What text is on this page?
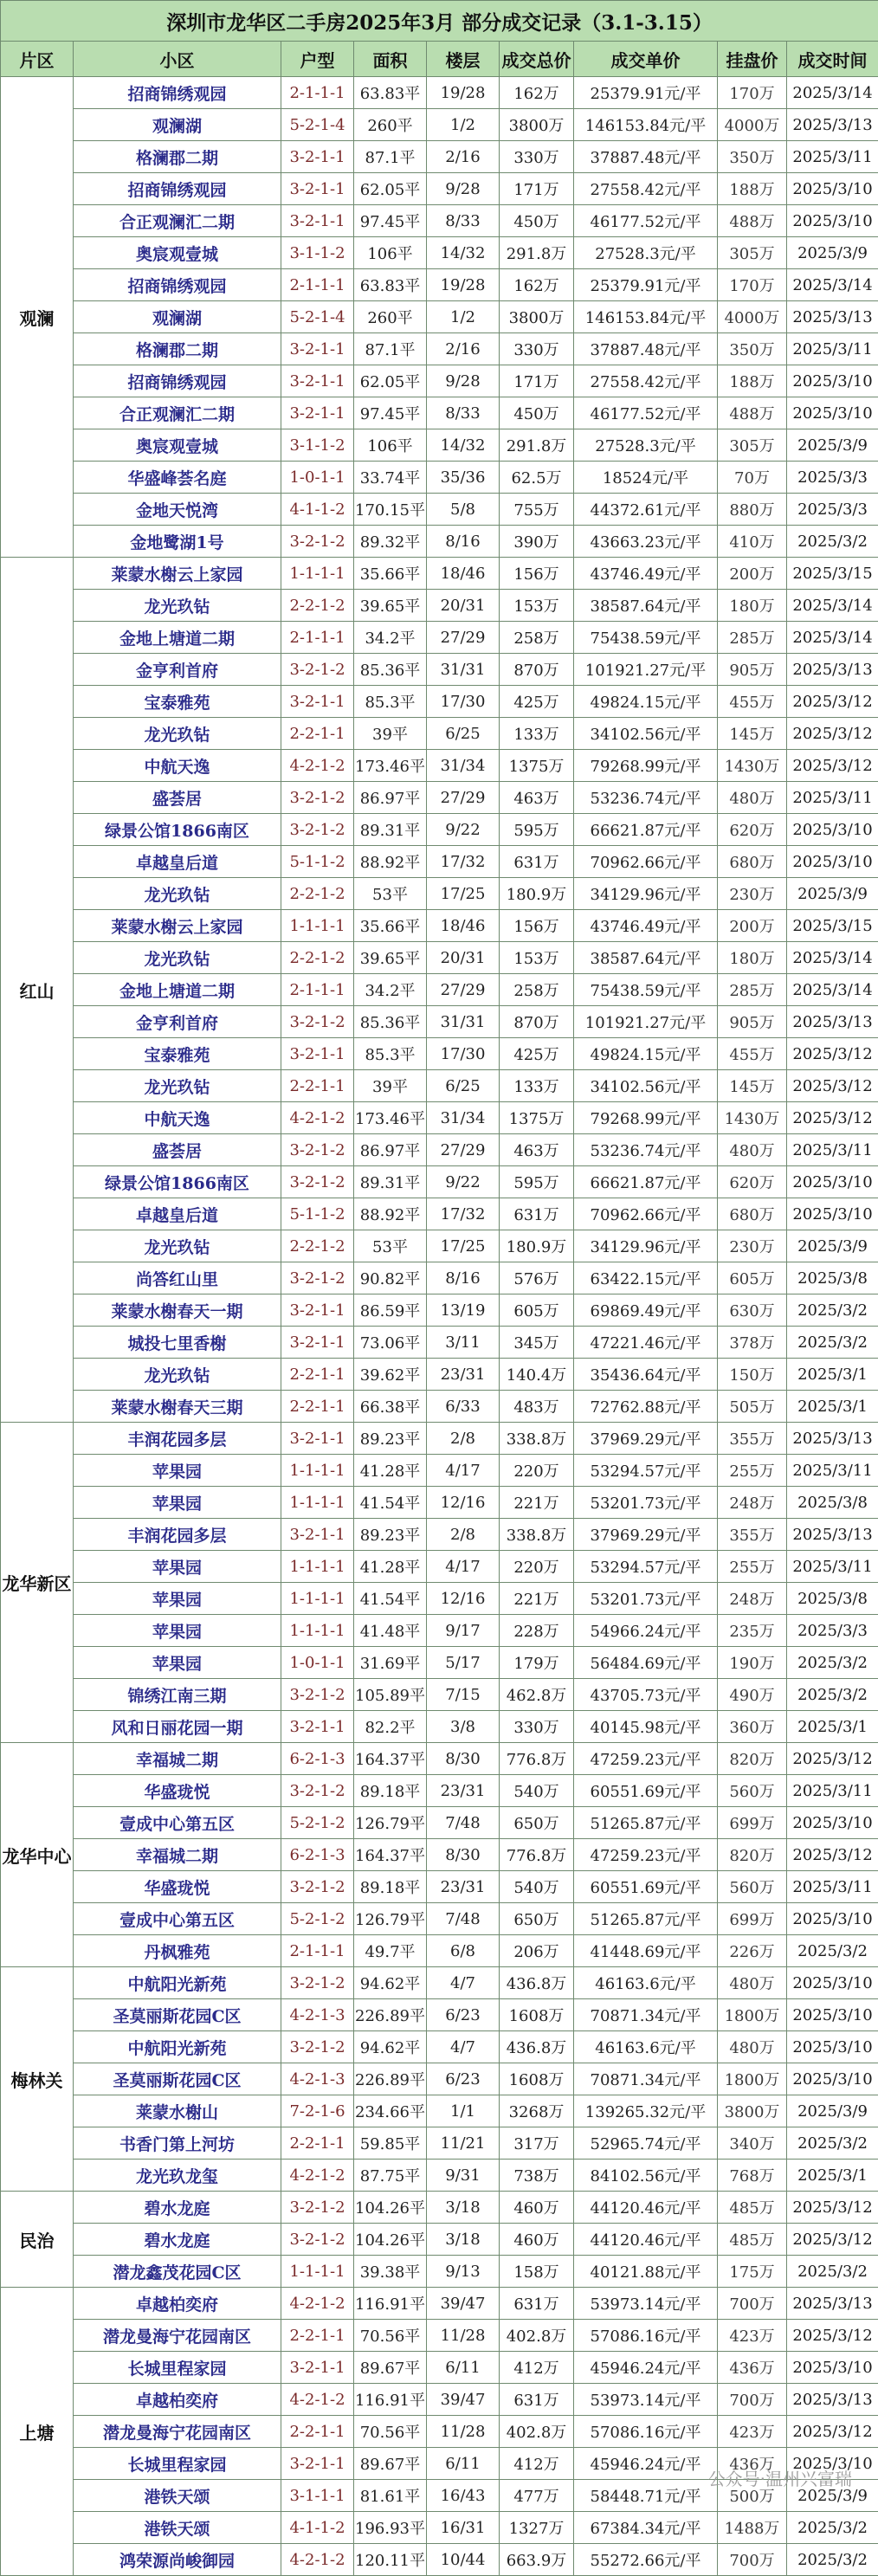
深圳市龙华区二手房2025年3月 部分成交记录（3.1-3.15）								
片区	小区	户型	面积	楼层	成交总价	成交单价	挂盘价	成交时间
观澜	招商锦绣观园	2-1-1-1	63.83平	19/28	162万	25379.91元/平	170万	2025/3/14
	观澜湖	5-2-1-4	260平	1/2	3800万	146153.84元/平	4000万	2025/3/13
	格澜郡二期	3-2-1-1	87.1平	2/16	330万	37887.48元/平	350万	2025/3/11
	招商锦绣观园	3-2-1-1	62.05平	9/28	171万	27558.42元/平	188万	2025/3/10
	合正观澜汇二期	3-2-1-1	97.45平	8/33	450万	46177.52元/平	488万	2025/3/10
	奥宸观壹城	3-1-1-2	106平	14/32	291.8万	27528.3元/平	305万	2025/3/9
	招商锦绣观园	2-1-1-1	63.83平	19/28	162万	25379.91元/平	170万	2025/3/14
	观澜湖	5-2-1-4	260平	1/2	3800万	146153.84元/平	4000万	2025/3/13
	格澜郡二期	3-2-1-1	87.1平	2/16	330万	37887.48元/平	350万	2025/3/11
	招商锦绣观园	3-2-1-1	62.05平	9/28	171万	27558.42元/平	188万	2025/3/10
	合正观澜汇二期	3-2-1-1	97.45平	8/33	450万	46177.52元/平	488万	2025/3/10
	奥宸观壹城	3-1-1-2	106平	14/32	291.8万	27528.3元/平	305万	2025/3/9
	华盛峰荟名庭	1-0-1-1	33.74平	35/36	62.5万	18524元/平	70万	2025/3/3
	金地天悦湾	4-1-1-2	170.15平	5/8	755万	44372.61元/平	880万	2025/3/3
	金地鹭湖1号	3-2-1-2	89.32平	8/16	390万	43663.23元/平	410万	2025/3/2
红山	莱蒙水榭云上家园	1-1-1-1	35.66平	18/46	156万	43746.49元/平	200万	2025/3/15
	龙光玖钻	2-2-1-2	39.65平	20/31	153万	38587.64元/平	180万	2025/3/14
	金地上塘道二期	2-1-1-1	34.2平	27/29	258万	75438.59元/平	285万	2025/3/14
	金亨利首府	3-2-1-2	85.36平	31/31	870万	101921.27元/平	905万	2025/3/13
	宝泰雅苑	3-2-1-1	85.3平	17/30	425万	49824.15元/平	455万	2025/3/12
	龙光玖钻	2-2-1-1	39平	6/25	133万	34102.56元/平	145万	2025/3/12
	中航天逸	4-2-1-2	173.46平	31/34	1375万	79268.99元/平	1430万	2025/3/12
	盛荟居	3-2-1-2	86.97平	27/29	463万	53236.74元/平	480万	2025/3/11
	绿景公馆1866南区	3-2-1-2	89.31平	9/22	595万	66621.87元/平	620万	2025/3/10
	卓越皇后道	5-1-1-2	88.92平	17/32	631万	70962.66元/平	680万	2025/3/10
	龙光玖钻	2-2-1-2	53平	17/25	180.9万	34129.96元/平	230万	2025/3/9
	莱蒙水榭云上家园	1-1-1-1	35.66平	18/46	156万	43746.49元/平	200万	2025/3/15
	龙光玖钻	2-2-1-2	39.65平	20/31	153万	38587.64元/平	180万	2025/3/14
	金地上塘道二期	2-1-1-1	34.2平	27/29	258万	75438.59元/平	285万	2025/3/14
	金亨利首府	3-2-1-2	85.36平	31/31	870万	101921.27元/平	905万	2025/3/13
	宝泰雅苑	3-2-1-1	85.3平	17/30	425万	49824.15元/平	455万	2025/3/12
	龙光玖钻	2-2-1-1	39平	6/25	133万	34102.56元/平	145万	2025/3/12
	中航天逸	4-2-1-2	173.46平	31/34	1375万	79268.99元/平	1430万	2025/3/12
	盛荟居	3-2-1-2	86.97平	27/29	463万	53236.74元/平	480万	2025/3/11
	绿景公馆1866南区	3-2-1-2	89.31平	9/22	595万	66621.87元/平	620万	2025/3/10
	卓越皇后道	5-1-1-2	88.92平	17/32	631万	70962.66元/平	680万	2025/3/10
	龙光玖钻	2-2-1-2	53平	17/25	180.9万	34129.96元/平	230万	2025/3/9
	尚答红山里	3-2-1-2	90.82平	8/16	576万	63422.15元/平	605万	2025/3/8
	莱蒙水榭春天一期	3-2-1-1	86.59平	13/19	605万	69869.49元/平	630万	2025/3/2
	城投七里香榭	3-2-1-1	73.06平	3/11	345万	47221.46元/平	378万	2025/3/2
	龙光玖钻	2-2-1-1	39.62平	23/31	140.4万	35436.64元/平	150万	2025/3/1
	莱蒙水榭春天三期	2-2-1-1	66.38平	6/33	483万	72762.88元/平	505万	2025/3/1
龙华新区	丰润花园多层	3-2-1-1	89.23平	2/8	338.8万	37969.29元/平	355万	2025/3/13
	苹果园	1-1-1-1	41.28平	4/17	220万	53294.57元/平	255万	2025/3/11
	苹果园	1-1-1-1	41.54平	12/16	221万	53201.73元/平	248万	2025/3/8
	丰润花园多层	3-2-1-1	89.23平	2/8	338.8万	37969.29元/平	355万	2025/3/13
	苹果园	1-1-1-1	41.28平	4/17	220万	53294.57元/平	255万	2025/3/11
	苹果园	1-1-1-1	41.54平	12/16	221万	53201.73元/平	248万	2025/3/8
	苹果园	1-1-1-1	41.48平	9/17	228万	54966.24元/平	235万	2025/3/3
	苹果园	1-0-1-1	31.69平	5/17	179万	56484.69元/平	190万	2025/3/2
	锦绣江南三期	3-2-1-2	105.89平	7/15	462.8万	43705.73元/平	490万	2025/3/2
	风和日丽花园一期	3-2-1-1	82.2平	3/8	330万	40145.98元/平	360万	2025/3/1
龙华中心	幸福城二期	6-2-1-3	164.37平	8/30	776.8万	47259.23元/平	820万	2025/3/12
	华盛珑悦	3-2-1-2	89.18平	23/31	540万	60551.69元/平	560万	2025/3/11
	壹成中心第五区	5-2-1-2	126.79平	7/48	650万	51265.87元/平	699万	2025/3/10
	幸福城二期	6-2-1-3	164.37平	8/30	776.8万	47259.23元/平	820万	2025/3/12
	华盛珑悦	3-2-1-2	89.18平	23/31	540万	60551.69元/平	560万	2025/3/11
	壹成中心第五区	5-2-1-2	126.79平	7/48	650万	51265.87元/平	699万	2025/3/10
	丹枫雅苑	2-1-1-1	49.7平	6/8	206万	41448.69元/平	226万	2025/3/2
梅林关	中航阳光新苑	3-2-1-2	94.62平	4/7	436.8万	46163.6元/平	480万	2025/3/10
	圣莫丽斯花园C区	4-2-1-3	226.89平	6/23	1608万	70871.34元/平	1800万	2025/3/10
	中航阳光新苑	3-2-1-2	94.62平	4/7	436.8万	46163.6元/平	480万	2025/3/10
	圣莫丽斯花园C区	4-2-1-3	226.89平	6/23	1608万	70871.34元/平	1800万	2025/3/10
	莱蒙水榭山	7-2-1-6	234.66平	1/1	3268万	139265.32元/平	3800万	2025/3/9
	书香门第上河坊	2-2-1-1	59.85平	11/21	317万	52965.74元/平	340万	2025/3/2
	龙光玖龙玺	4-2-1-2	87.75平	9/31	738万	84102.56元/平	768万	2025/3/1
民治	碧水龙庭	3-2-1-2	104.26平	3/18	460万	44120.46元/平	485万	2025/3/12
	碧水龙庭	3-2-1-2	104.26平	3/18	460万	44120.46元/平	485万	2025/3/12
	潜龙鑫茂花园C区	1-1-1-1	39.38平	9/13	158万	40121.88元/平	175万	2025/3/2
上塘	卓越柏奕府	4-2-1-2	116.91平	39/47	631万	53973.14元/平	700万	2025/3/13
	潜龙曼海宁花园南区	2-2-1-1	70.56平	11/28	402.8万	57086.16元/平	423万	2025/3/12
	长城里程家园	3-2-1-1	89.67平	6/11	412万	45946.24元/平	436万	2025/3/10
	卓越柏奕府	4-2-1-2	116.91平	39/47	631万	53973.14元/平	700万	2025/3/13
	潜龙曼海宁花园南区	2-2-1-1	70.56平	11/28	402.8万	57086.16元/平	423万	2025/3/12
	长城里程家园	3-2-1-1	89.67平	6/11	412万	45946.24元/平	436万	2025/3/10
	港铁天颂	3-1-1-1	81.61平	16/43	477万	58448.71元/平	500万	2025/3/9
	港铁天颂	4-1-1-2	196.93平	16/31	1327万	67384.34元/平	1488万	2025/3/2
	鸿荣源尚峻御园	4-2-1-2	120.11平	10/44	663.9万	55272.66元/平	700万	2025/3/2
公众号·温州兴富瑞
